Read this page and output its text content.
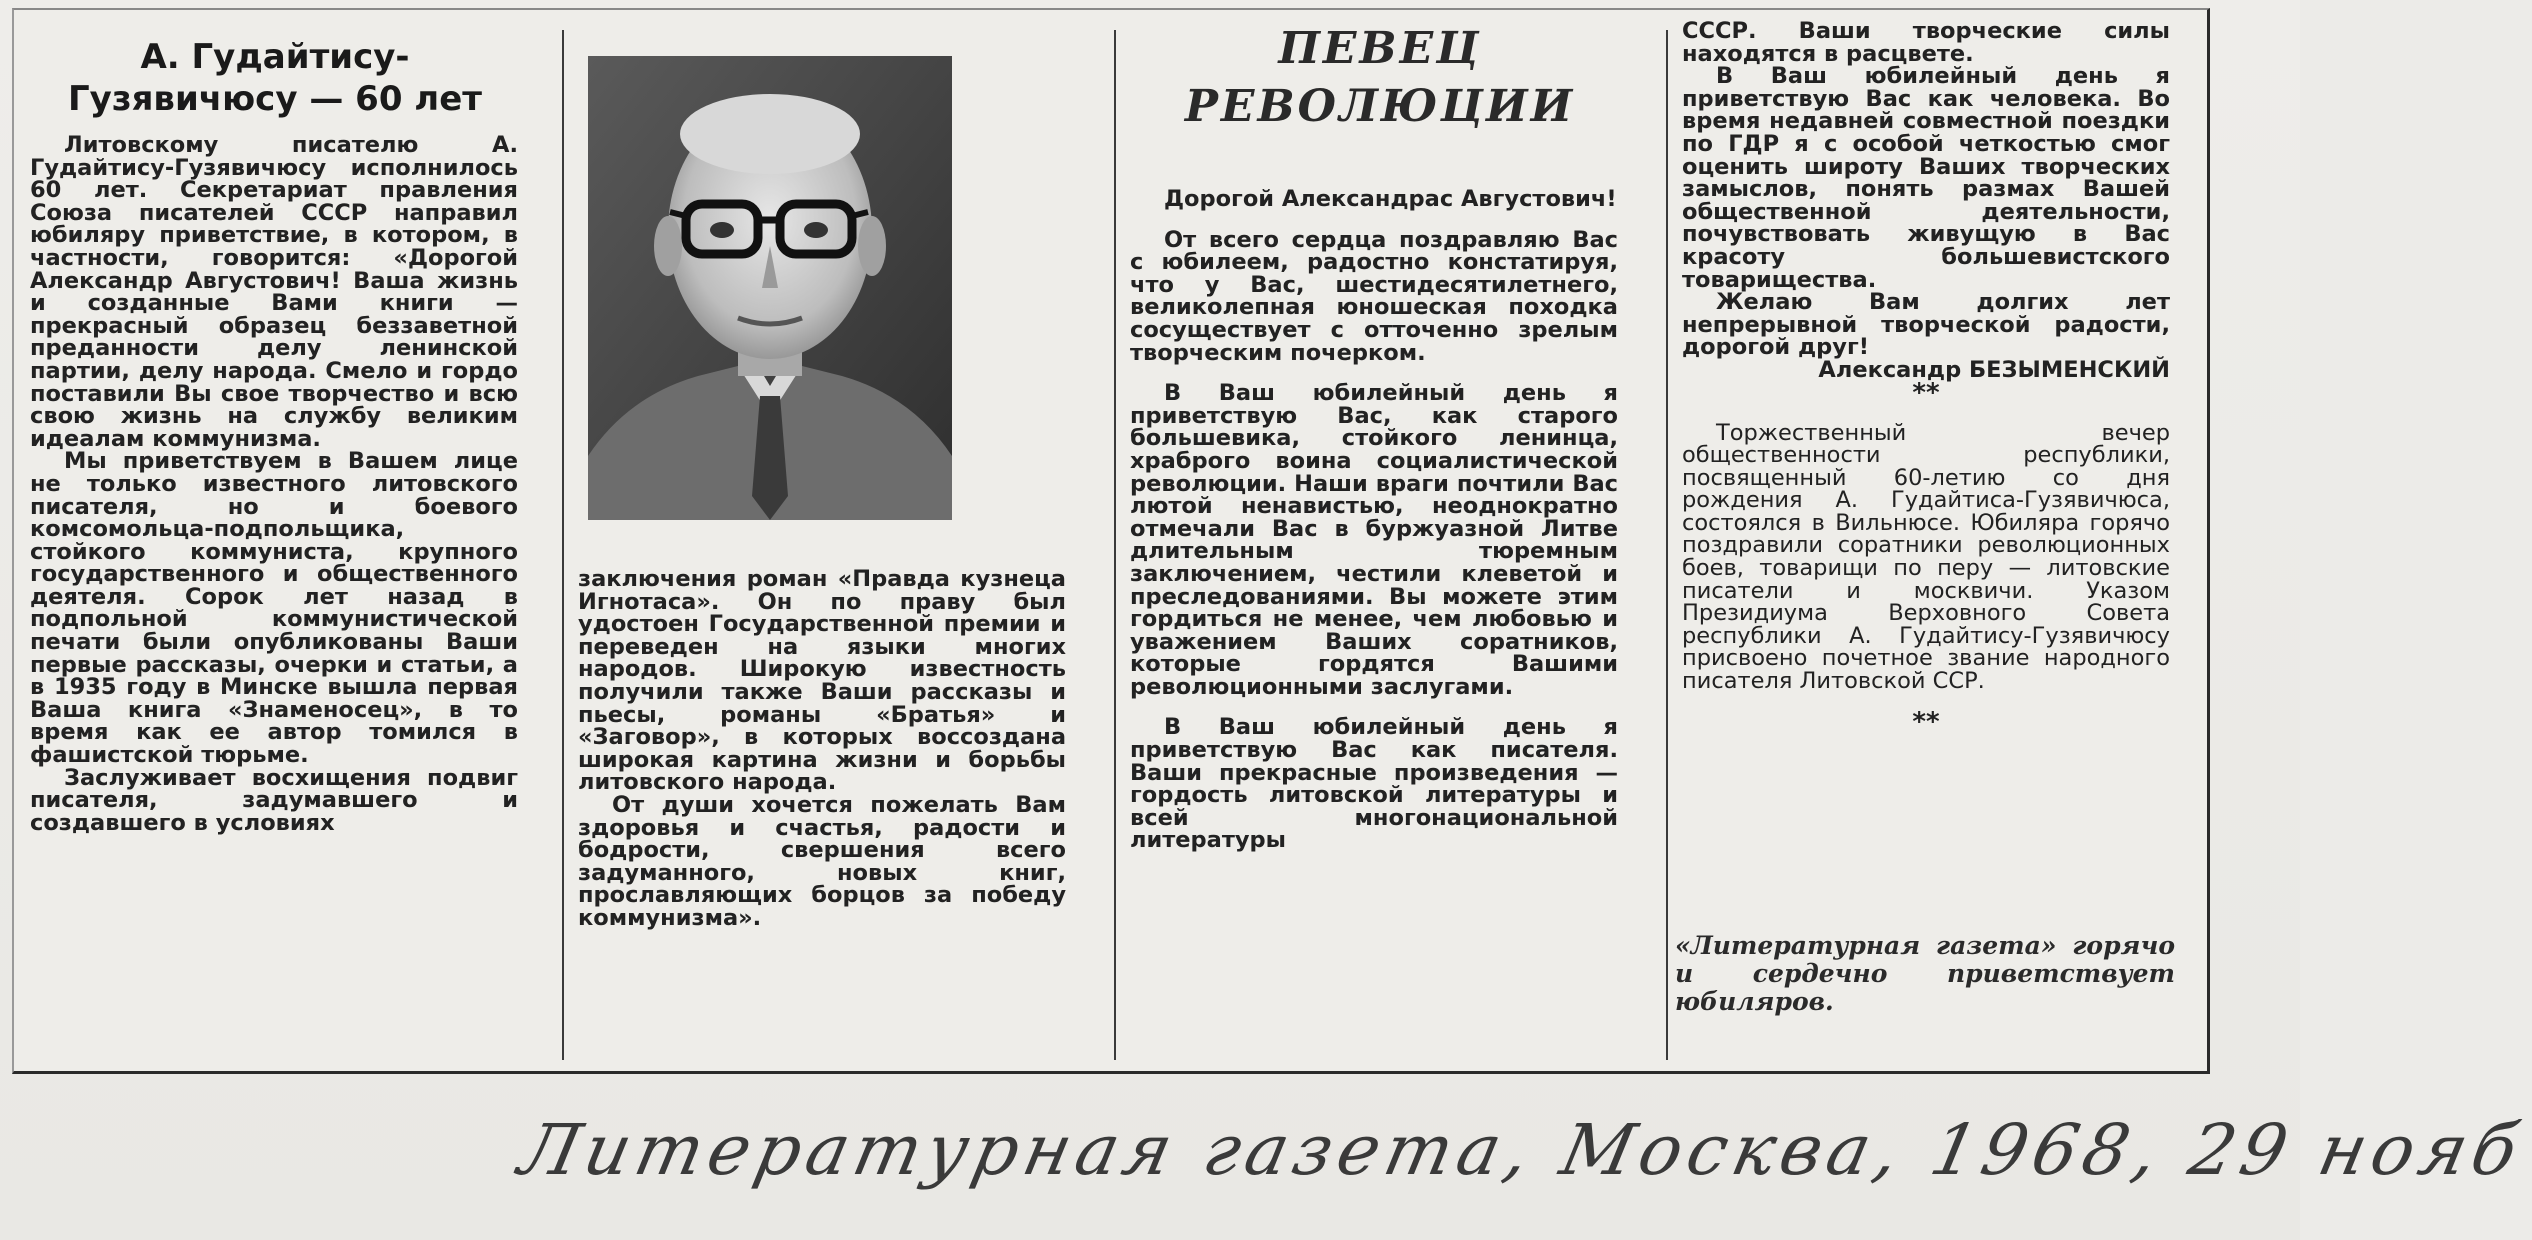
А. Гудайтису-
Гузявичюсу — 60 лет

Литовскому писателю А. Гудайтису-Гузявичюсу исполнилось 60 лет. Секретариат правления Союза писателей СССР направил юбиляру приветствие, в котором, в частности, говорится: «Дорогой Александр Августович! Ваша жизнь и созданные Вами книги — прекрасный образец беззаветной преданности делу ленинской партии, делу народа. Смело и гордо поставили Вы свое творчество и всю свою жизнь на службу великим идеалам коммунизма.

Мы приветствуем в Вашем лице не только известного литовского писателя, но и боевого комсомольца-подпольщика, стойкого коммуниста, крупного государственного и общественного деятеля. Сорок лет назад в подпольной коммунистической печати были опубликованы Ваши первые рассказы, очерки и статьи, а в 1935 году в Минске вышла первая Ваша книга «Знаменосец», в то время как ее автор томился в фашистской тюрьме.

Заслуживает восхищения подвиг писателя, задумавшего и создавшего в условиях

заключения роман «Правда кузнеца Игнотаса». Он по праву был удостоен Государственной премии и переведен на языки многих народов. Широкую известность получили также Ваши рассказы и пьесы, романы «Братья» и «Заговор», в которых воссоздана широкая картина жизни и борьбы литовского народа.

От души хочется пожелать Вам здоровья и счастья, радости и бодрости, свершения всего задуманного, новых книг, прославляющих борцов за победу коммунизма».

ПЕВЕЦ
РЕВОЛЮЦИИ

Дорогой Александрас Августович!

От всего сердца поздравляю Вас с юбилеем, радостно констатируя, что у Вас, шестидесятилетнего, великолепная юношеская походка сосуществует с отточенно зрелым творческим почерком.

В Ваш юбилейный день я приветствую Вас, как старого большевика, стойкого ленинца, храброго воина социалистической революции. Наши враги почтили Вас лютой ненавистью, неоднократно отмечали Вас в буржуазной Литве длительным тюремным заключением, честили клеветой и преследованиями. Вы можете этим гордиться не менее, чем любовью и уважением Ваших соратников, которые гордятся Вашими революционными заслугами.

В Ваш юбилейный день я приветствую Вас как писателя. Ваши прекрасные произведения — гордость литовской литературы и всей многонациональной литературы

СССР. Ваши творческие силы находятся в расцвете.

В Ваш юбилейный день я приветствую Вас как человека. Во время недавней совместной поездки по ГДР я с особой четкостью смог оценить широту Ваших творческих замыслов, понять размах Вашей общественной деятельности, почувствовать живущую в Вас красоту большевистского товарищества.

Желаю Вам долгих лет непрерывной творческой радости, дорогой друг!

Александр БЕЗЫМЕНСКИЙ

**

Торжественный вечер общественности республики, посвященный 60-летию со дня рождения А. Гудайтиса-Гузявичюса, состоялся в Вильнюсе. Юбиляра горячо поздравили соратники революционных боев, товарищи по перу — литовские писатели и москвичи. Указом Президиума Верховного Совета республики А. Гудайтису-Гузявичюсу присвоено почетное звание народного писателя Литовской ССР.

**

«Литературная газета» горячо и сердечно приветствует юбиляров.
Литературная газета, Москва, 1968, 29 нояб
